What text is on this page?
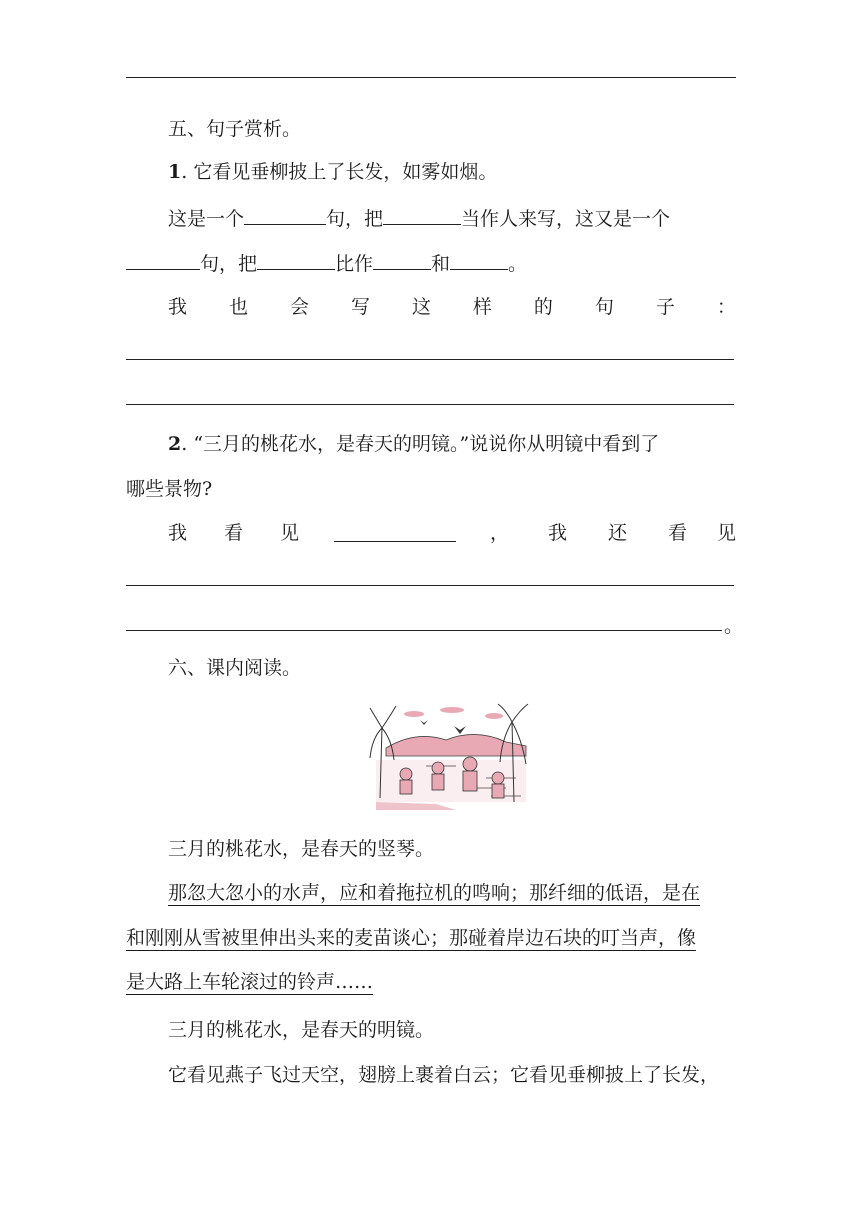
五、句子赏析。
1. 它看见垂柳披上了长发，如雾如烟。
这是一个	句，把	当作人来写，这又是一个
句，把	比作	和	。
我 也 会 写 这 样 的 句 子 ：
2. “三月的桃花水，是春天的明镜。”说说你从明镜中看到了
哪些景物?
我 看 见	， 我 还 看 见
。
六、课内阅读。
三月的桃花水，是春天的竖琴。
那忽大忽小的水声，应和着拖拉机的鸣响；那纤细的低语，是在
和刚刚从雪被里伸出头来的麦苗谈心；那碰着岸边石块的叮当声，像
是大路上车轮滚过的铃声……
三月的桃花水，是春天的明镜。
它看见燕子飞过天空，翅膀上裹着白云；它看见垂柳披上了长发，
